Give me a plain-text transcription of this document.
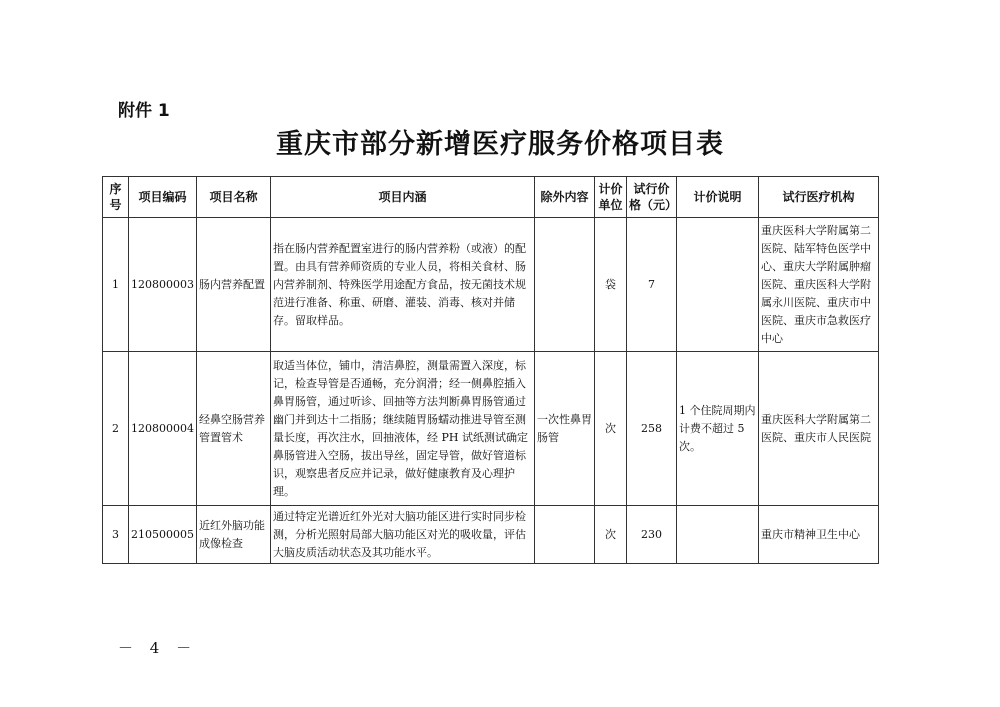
附件 1
重庆市部分新增医疗服务价格项目表
序号	项目编码	项目名称	项目内涵	除外内容	计价单位	试行价格（元）	计价说明	试行医疗机构
1	120800003	肠内营养配置	指在肠内营养配置室进行的肠内营养粉（或液）的配置。由具有营养师资质的专业人员，将相关食材、肠内营养制剂、特殊医学用途配方食品，按无菌技术规范进行准备、称重、研磨、灌装、消毒、核对并储存。留取样品。		袋	7		重庆医科大学附属第二医院、陆军特色医学中心、重庆大学附属肿瘤医院、重庆医科大学附属永川医院、重庆市中医院、重庆市急救医疗中心
2	120800004	经鼻空肠营养管置管术	取适当体位，铺巾，清洁鼻腔，测量需置入深度，标记，检查导管是否通畅，充分润滑；经一侧鼻腔插入鼻胃肠管，通过听诊、回抽等方法判断鼻胃肠管通过幽门并到达十二指肠；继续随胃肠蠕动推进导管至测量长度，再次注水，回抽液体，经 PH 试纸测试确定鼻肠管进入空肠，拔出导丝，固定导管，做好管道标识，观察患者反应并记录，做好健康教育及心理护理。	一次性鼻胃肠管	次	258	1 个住院周期内计费不超过 5 次。	重庆医科大学附属第二医院、重庆市人民医院
3	210500005	近红外脑功能成像检查	通过特定光谱近红外光对大脑功能区进行实时同步检测，分析光照射局部大脑功能区对光的吸收量，评估大脑皮质活动状态及其功能水平。		次	230		重庆市精神卫生中心
－ 4 －
